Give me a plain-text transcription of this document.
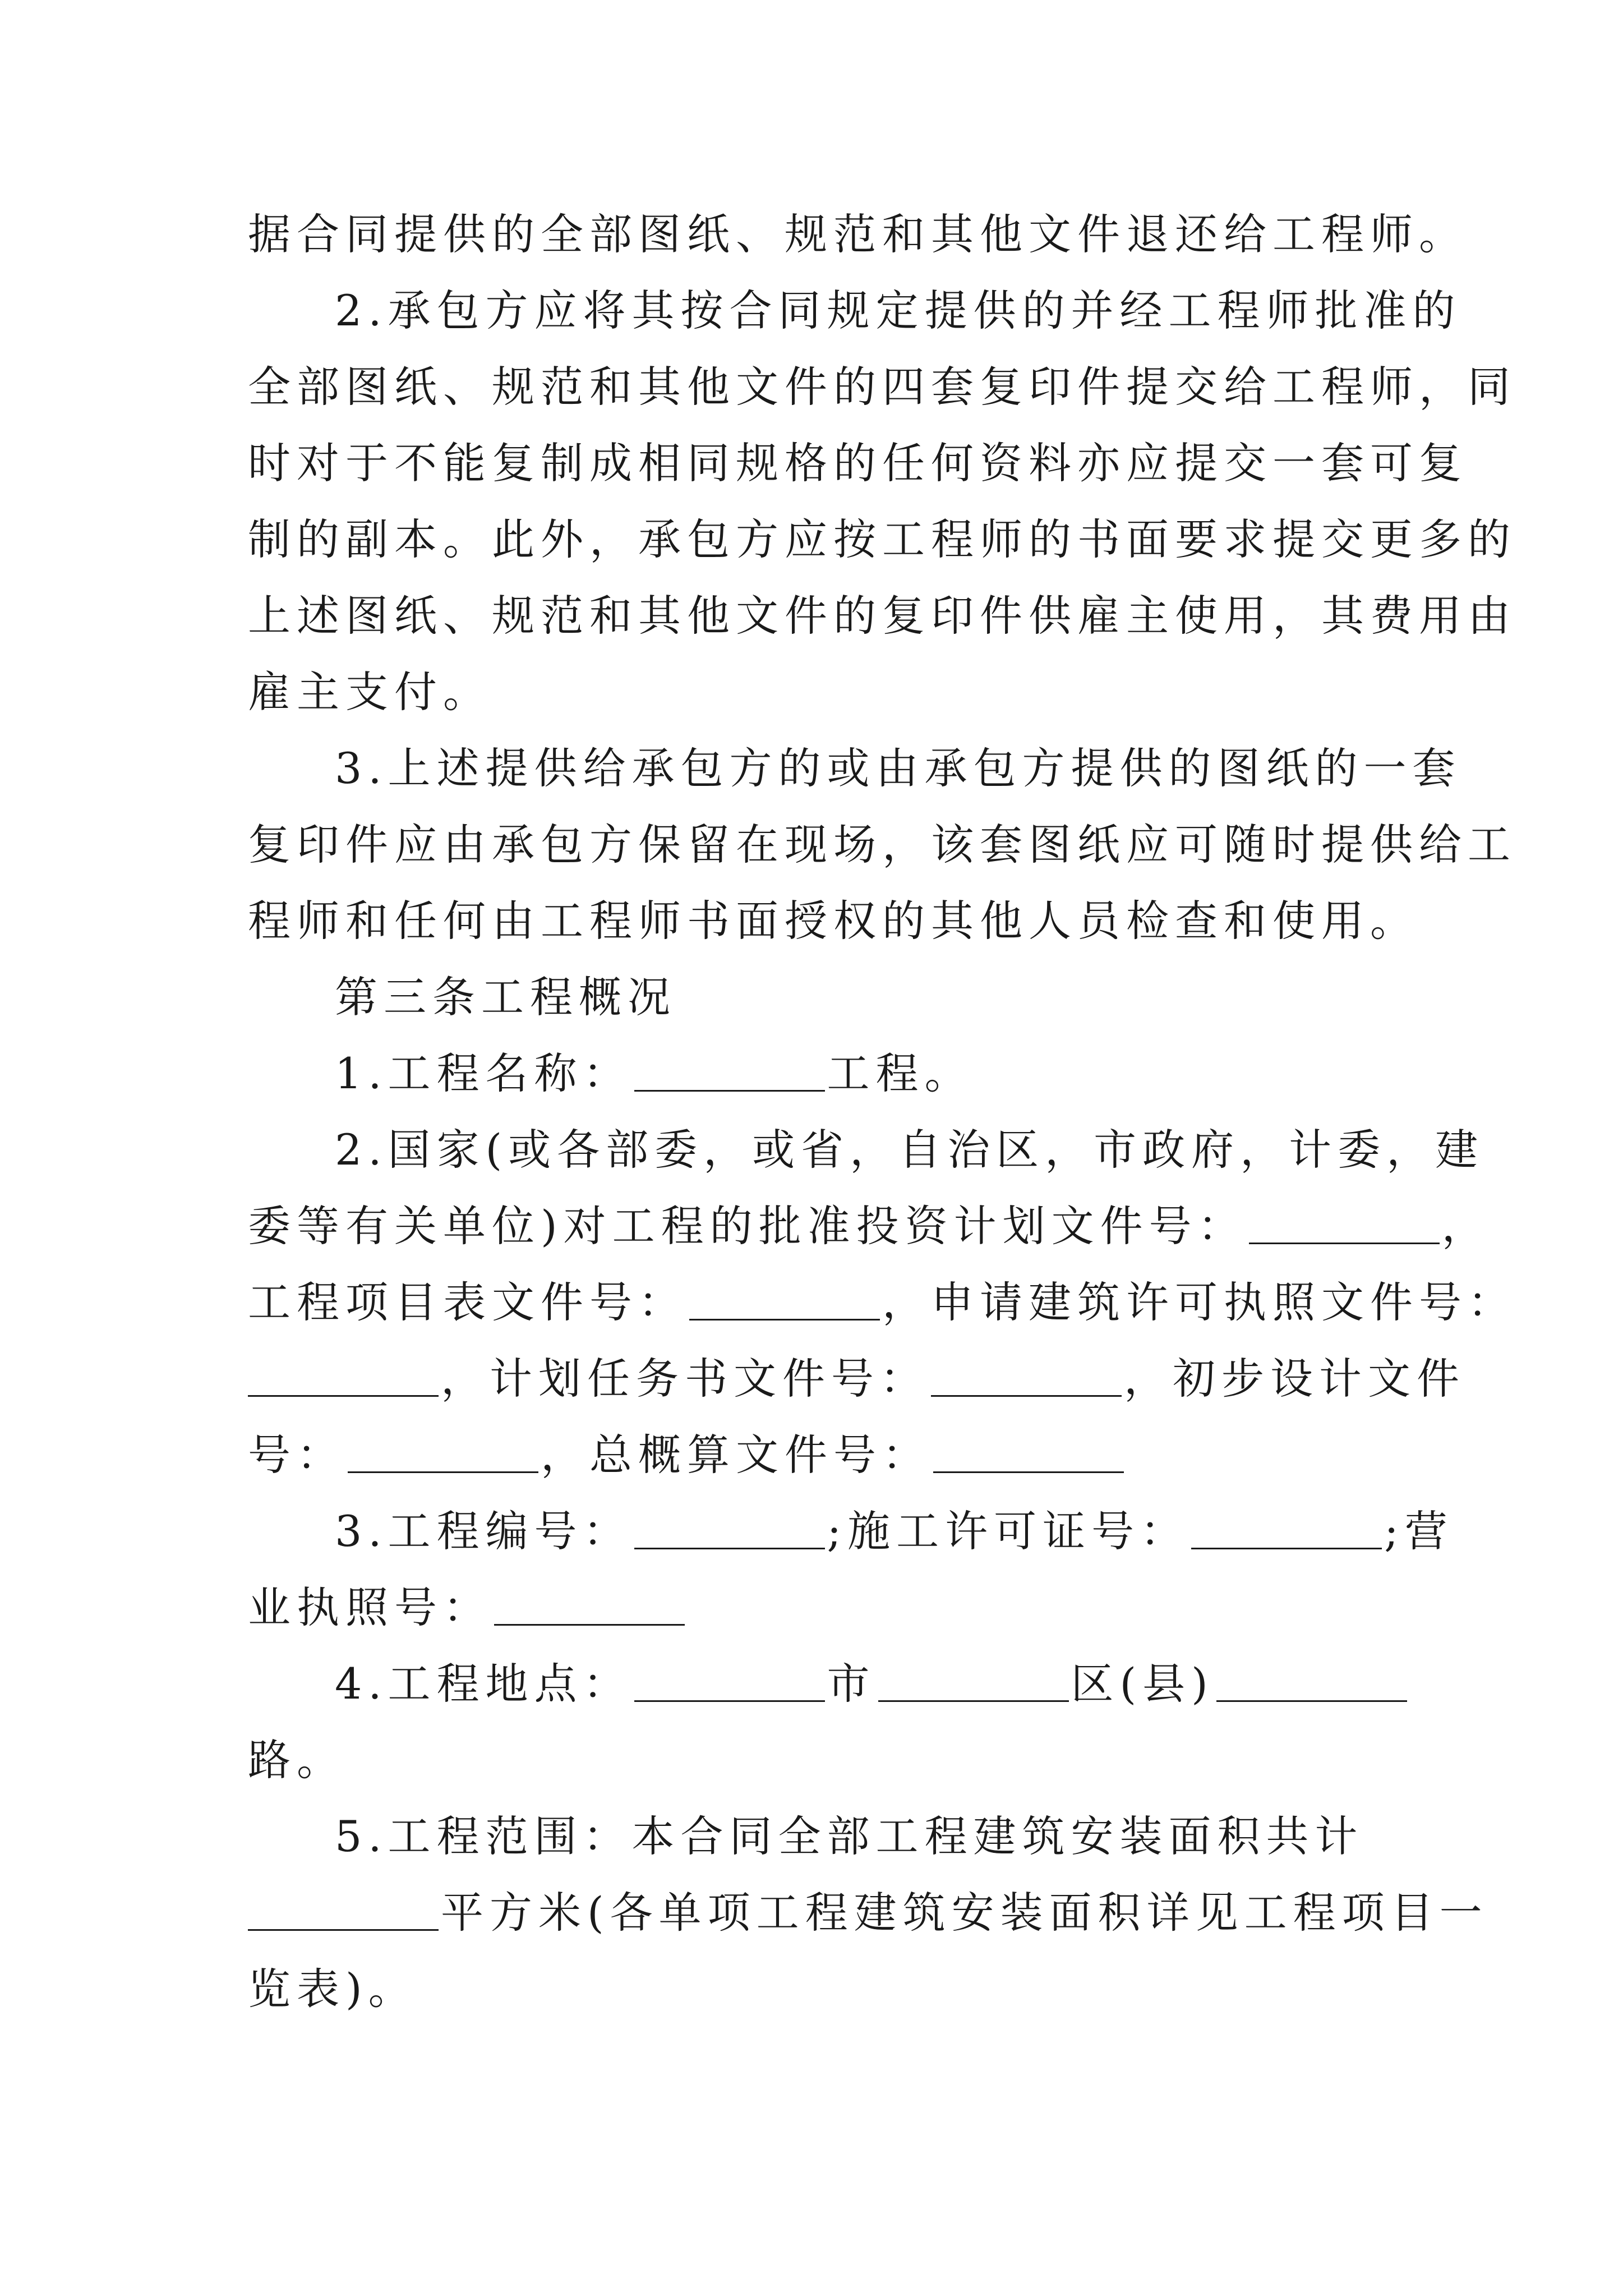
据合同提供的全部图纸、规范和其他文件退还给工程师。
2.承包方应将其按合同规定提供的并经工程师批准的
全部图纸、规范和其他文件的四套复印件提交给工程师，同
时对于不能复制成相同规格的任何资料亦应提交一套可复
制的副本。此外，承包方应按工程师的书面要求提交更多的
上述图纸、规范和其他文件的复印件供雇主使用，其费用由
雇主支付。
3.上述提供给承包方的或由承包方提供的图纸的一套
复印件应由承包方保留在现场，该套图纸应可随时提供给工
程师和任何由工程师书面授权的其他人员检查和使用。
第三条工程概况
1.工程名称：	工程。
2.国家(或各部委，或省，自治区，市政府，计委，建
委等有关单位)对工程的批准投资计划文件号：	，
工程项目表文件号：	，申请建筑许可执照文件号：
，计划任务书文件号：	，初步设计文件
号：	，总概算文件号：
3.工程编号：	;施工许可证号：	;营
业执照号：
4.工程地点：	市	区(县)
路。
5.工程范围：本合同全部工程建筑安装面积共计
平方米(各单项工程建筑安装面积详见工程项目一
览表)。
